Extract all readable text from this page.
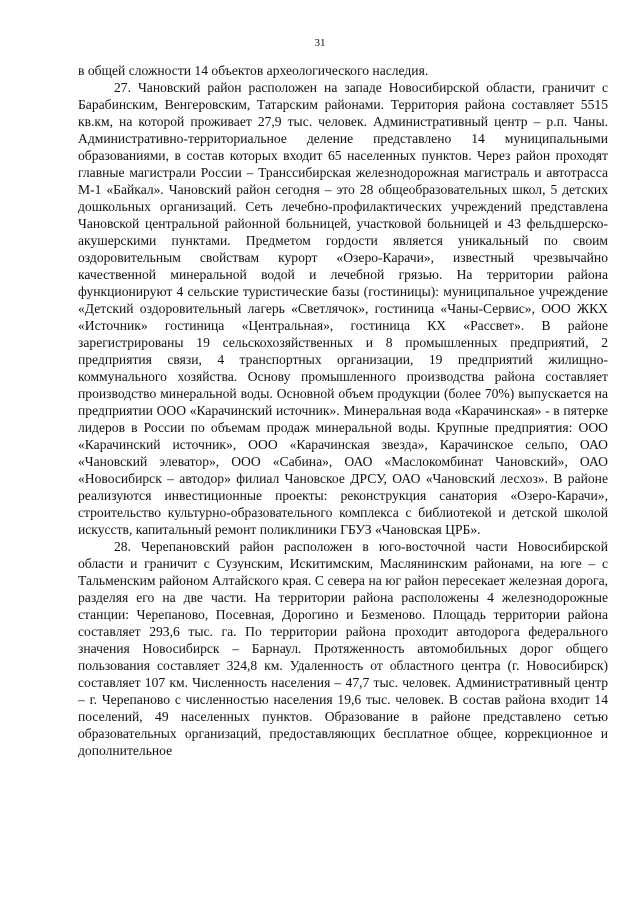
31

в общей сложности 14 объектов археологического наследия.

27. Чановский район расположен на западе Новосибирской области, граничит с Барабинским, Венгеровским, Татарским районами. Территория района составляет 5515 кв.км, на которой проживает 27,9 тыс. человек. Административный центр – р.п. Чаны. Административно-территориальное деление представлено 14 муниципальными образованиями, в состав которых входит 65 населенных пунктов. Через район проходят главные магистрали России – Транссибирская железнодорожная магистраль и автотрасса М-1 «Байкал». Чановский район сегодня – это 28 общеобразовательных школ, 5 детских дошкольных организаций. Сеть лечебно-профилактических учреждений представлена Чановской центральной районной больницей, участковой больницей и 43 фельдшерско-акушерскими пунктами. Предметом гордости является уникальный по своим оздоровительным свойствам курорт «Озеро-Карачи», известный чрезвычайно качественной минеральной водой и лечебной грязью. На территории района функционируют 4 сельские туристические базы (гостиницы): муниципальное учреждение «Детский оздоровительный лагерь «Светлячок», гостиница «Чаны-Сервис», ООО ЖКХ «Источник» гостиница «Центральная», гостиница КХ «Рассвет». В районе зарегистрированы 19 сельскохозяйственных и 8 промышленных предприятий, 2 предприятия связи, 4 транспортных организации, 19 предприятий жилищно-коммунального хозяйства. Основу промышленного производства района составляет производство минеральной воды. Основной объем продукции (более 70%) выпускается на предприятии ООО «Карачинский источник». Минеральная вода «Карачинская» - в пятерке лидеров в России по объемам продаж минеральной воды. Крупные предприятия: ООО «Карачинский источник», ООО «Карачинская звезда», Карачинское сельпо, ОАО «Чановский элеватор», ООО «Сабина», ОАО «Маслокомбинат Чановский», ОАО «Новосибирск – автодор» филиал Чановское ДРСУ, ОАО «Чановский лесхоз». В районе реализуются инвестиционные проекты: реконструкция санатория «Озеро-Карачи», строительство культурно-образовательного комплекса с библиотекой и детской школой искусств, капитальный ремонт поликлиники ГБУЗ «Чановская ЦРБ».

28. Черепановский район расположен в юго-восточной части Новосибирской области и граничит с Сузунским, Искитимским, Маслянинским районами, на юге – с Тальменским районом Алтайского края. С севера на юг район пересекает железная дорога, разделяя его на две части. На территории района расположены 4 железнодорожные станции: Черепаново, Посевная, Дорогино и Безменово. Площадь территории района составляет 293,6 тыс. га. По территории района проходит автодорога федерального значения Новосибирск – Барнаул. Протяженность автомобильных дорог общего пользования составляет 324,8 км. Удаленность от областного центра (г. Новосибирск) составляет 107 км. Численность населения – 47,7 тыс. человек. Административный центр – г. Черепаново с численностью населения 19,6 тыс. человек. В состав района входит 14 поселений, 49 населенных пунктов. Образование в районе представлено сетью образовательных организаций, предоставляющих бесплатное общее, коррекционное и дополнительное
